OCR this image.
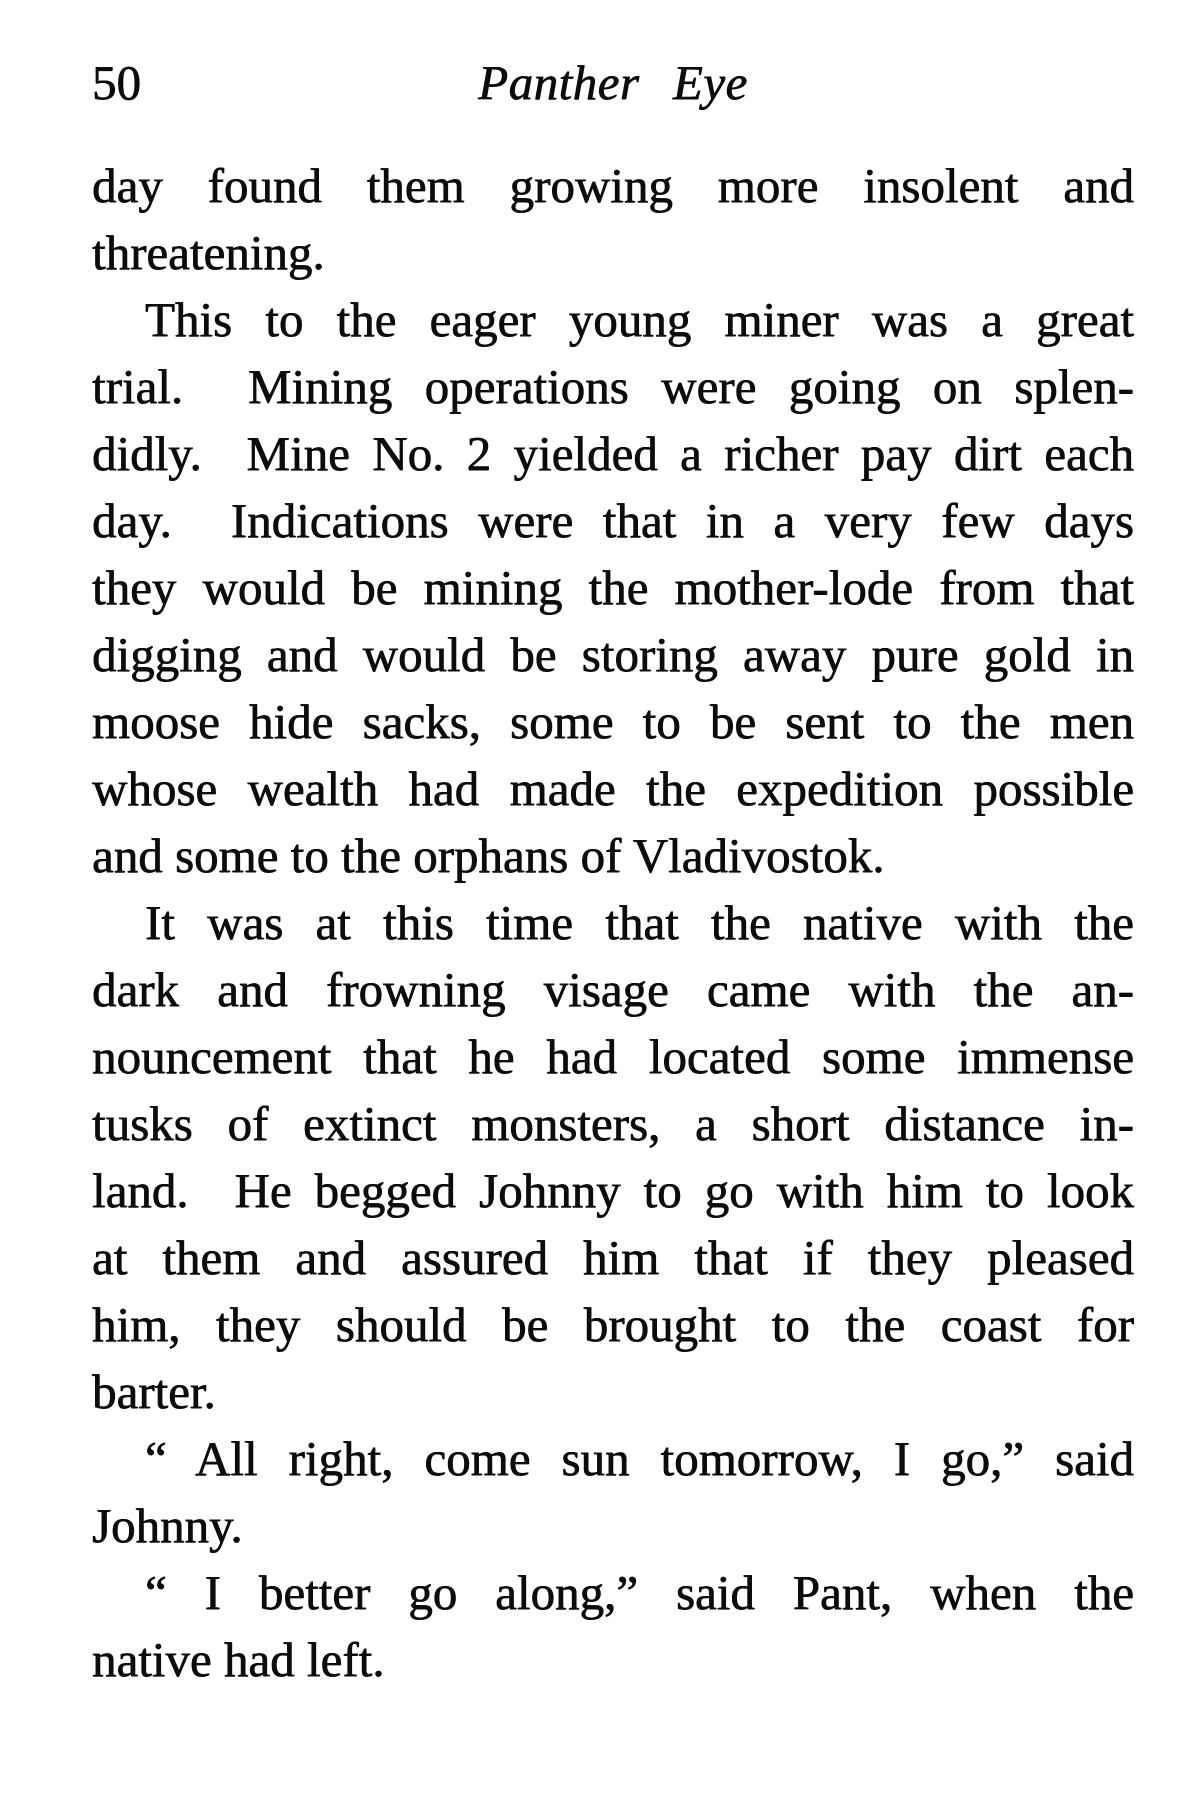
50	Panther Eye

day found them growing more insolent and

threatening.

This to the eager young miner was a great

trial.  Mining operations were going on splen-

didly.  Mine No. 2 yielded a richer pay dirt each

day.  Indications were that in a very few days

they would be mining the mother-lode from that

digging and would be storing away pure gold in

moose hide sacks, some to be sent to the men

whose wealth had made the expedition possible

and some to the orphans of Vladivostok.

It was at this time that the native with the

dark and frowning visage came with the an-

nouncement that he had located some immense

tusks of extinct monsters, a short distance in-

land.  He begged Johnny to go with him to look

at them and assured him that if they pleased

him, they should be brought to the coast for

barter.

“ All right, come sun tomorrow, I go,” said

Johnny.

“ I better go along,” said Pant, when the

native had left.
